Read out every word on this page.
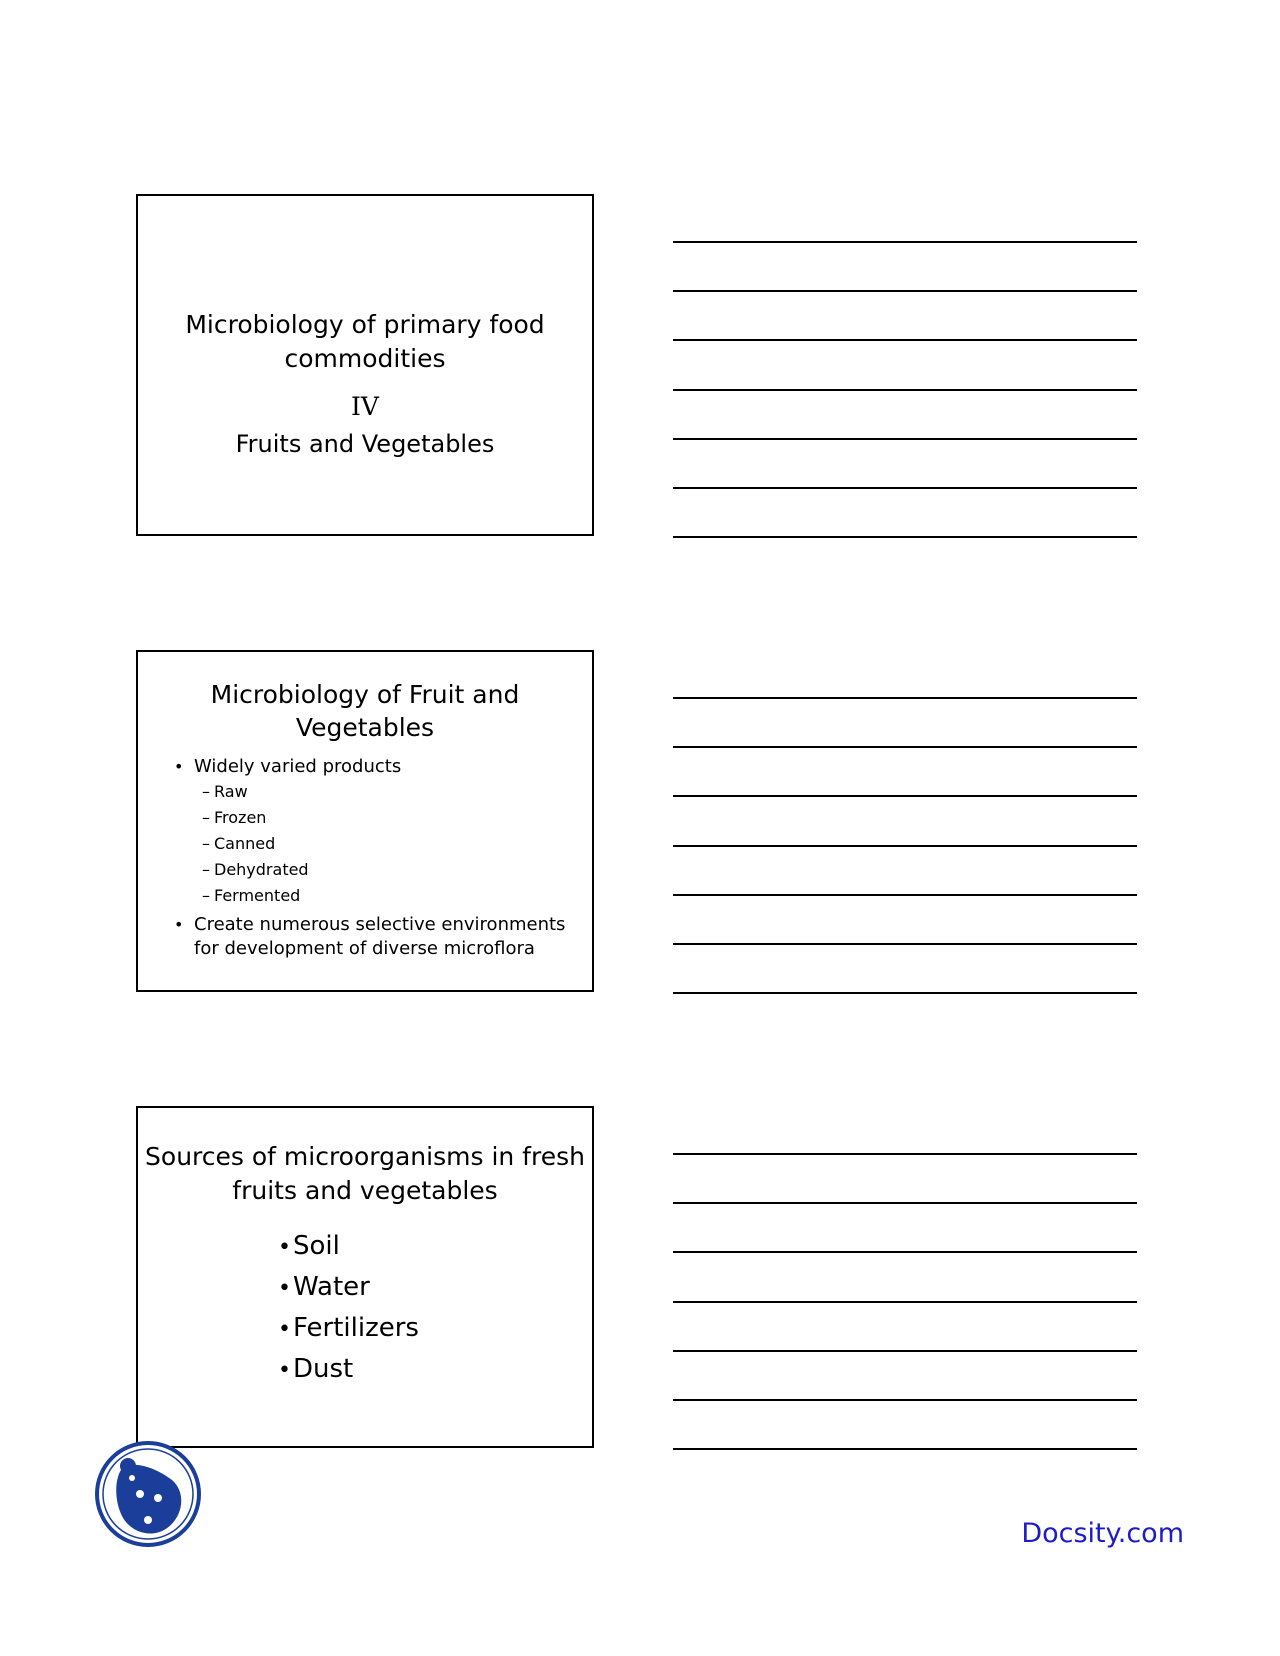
Microbiology of primary food commodities
IV
Fruits and Vegetables
Microbiology of Fruit and Vegetables
• Widely varied products
– Raw
– Frozen
– Canned
– Dehydrated
– Fermented
• Create numerous selective environments for development of diverse microflora
Sources of microorganisms in fresh fruits and vegetables
•Soil
•Water
•Fertilizers
•Dust
Docsity.com
